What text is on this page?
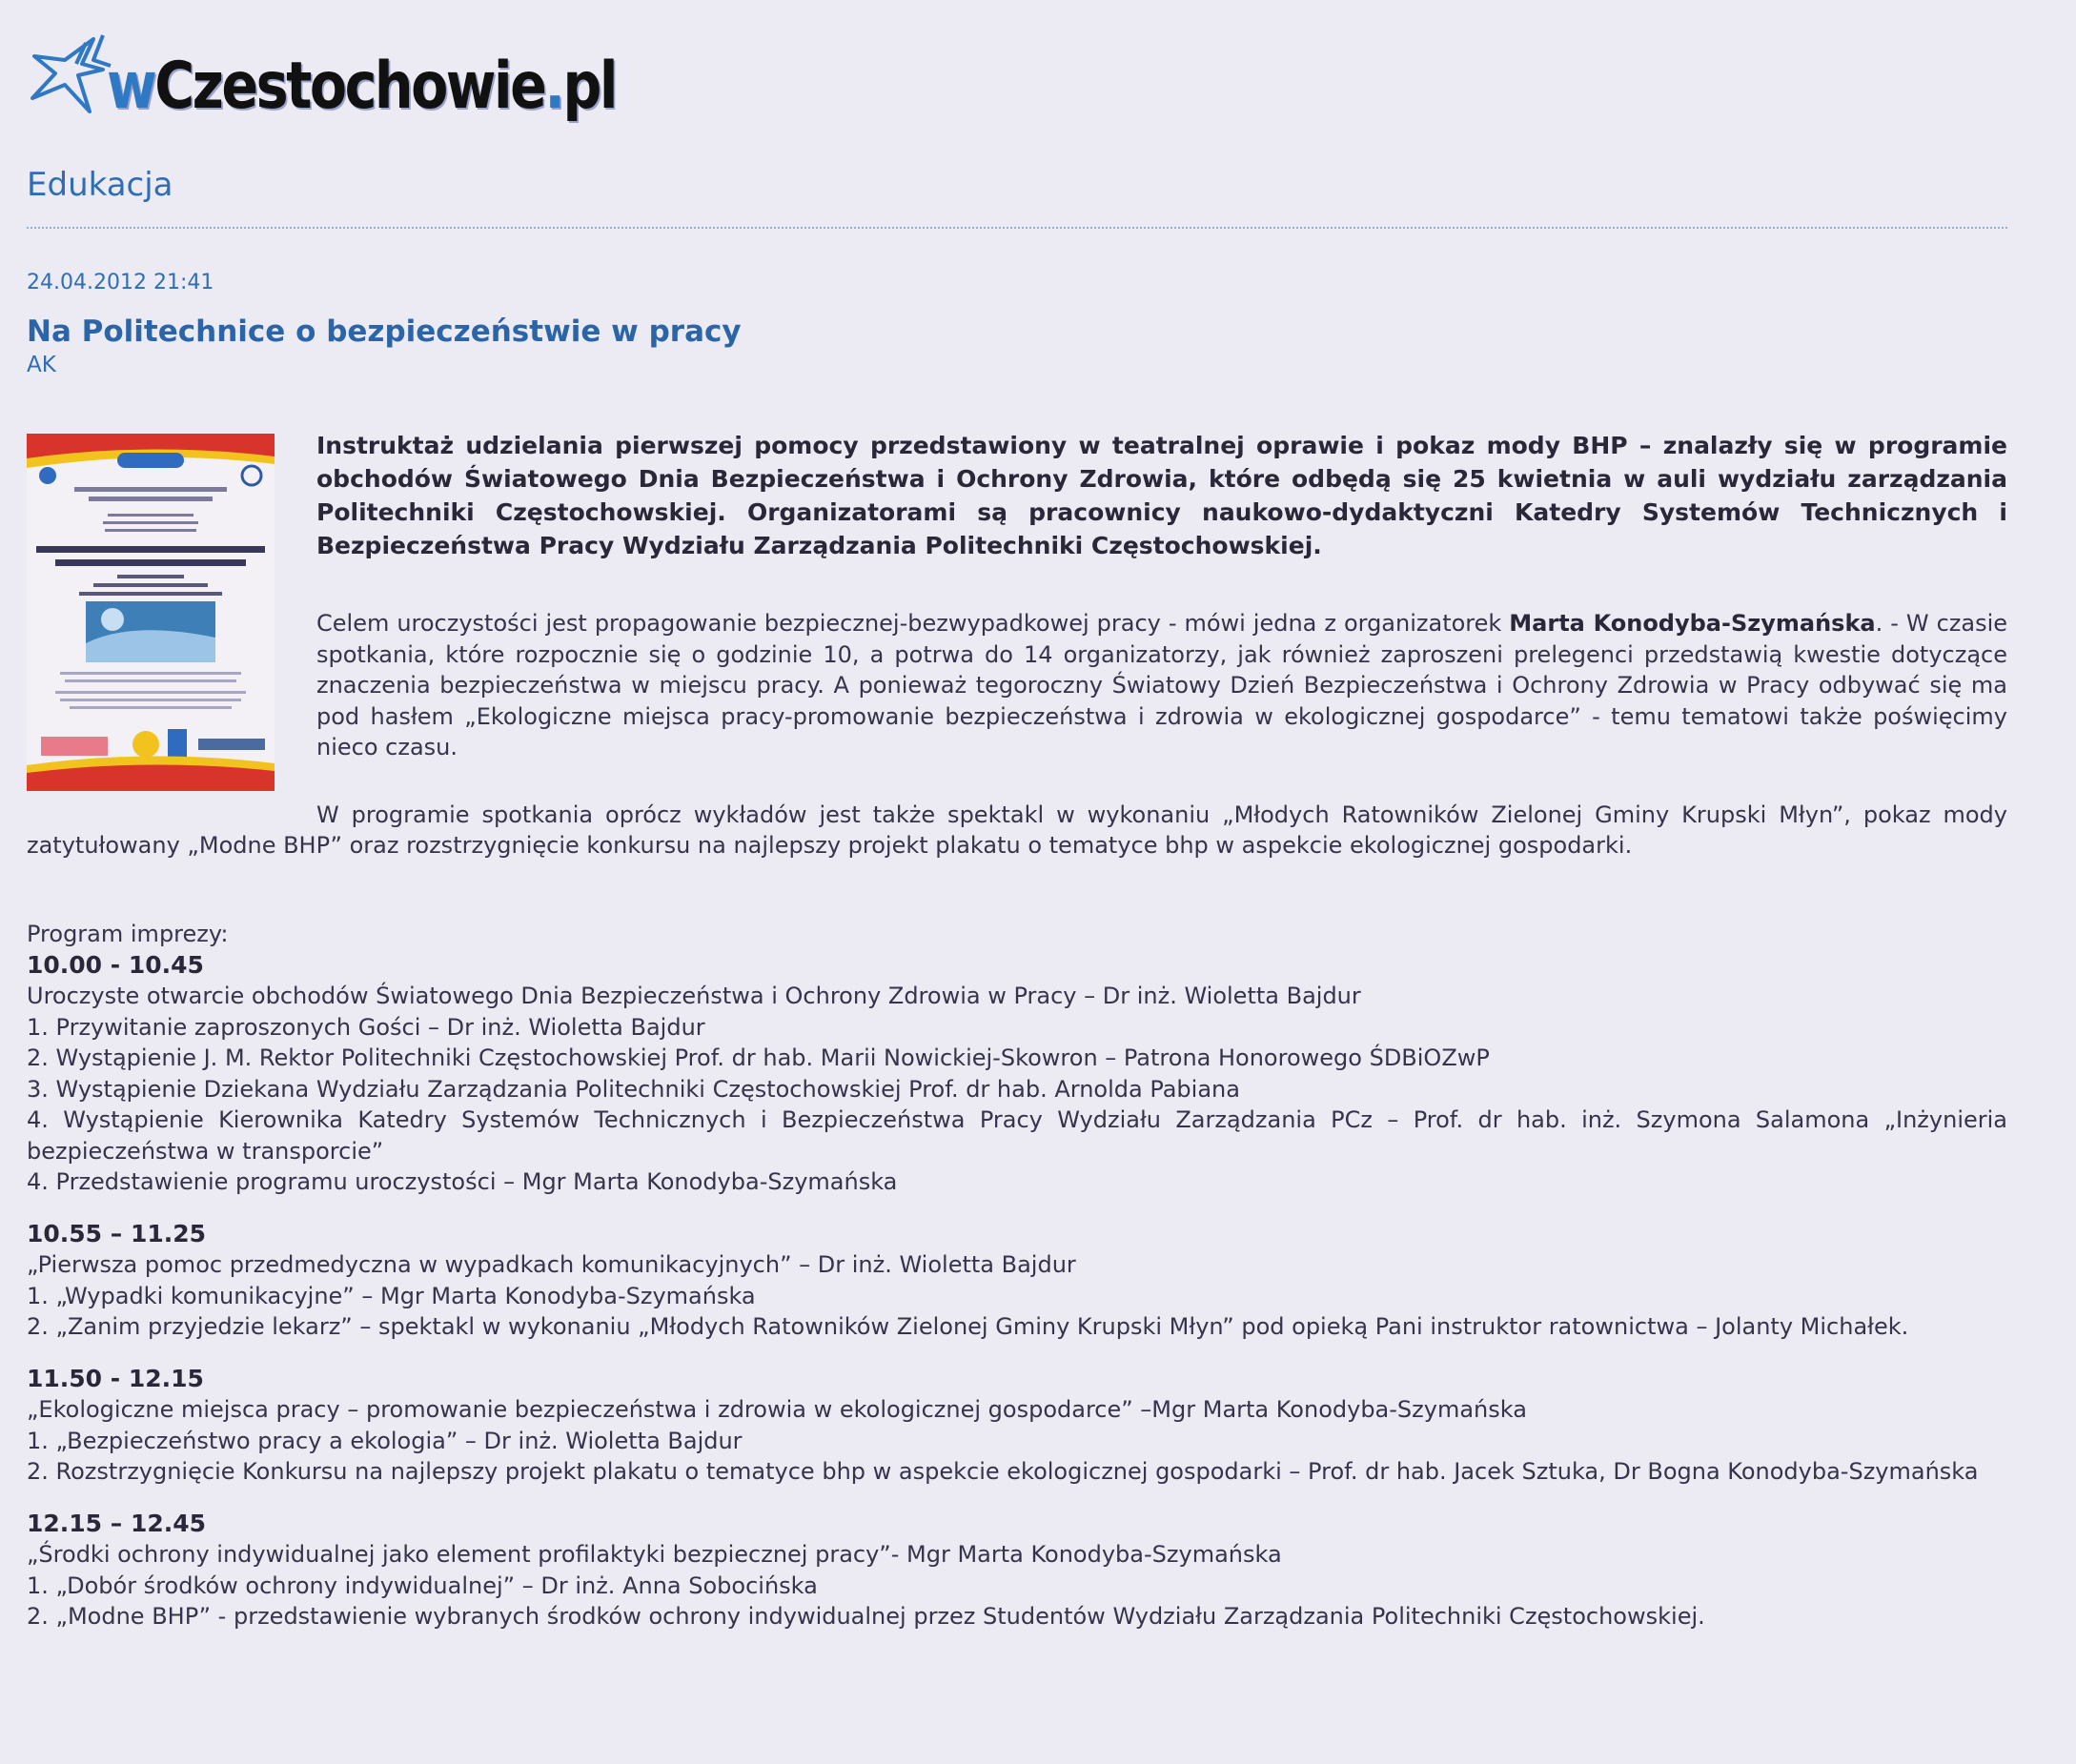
wCzestochowie.pl
Edukacja
24.04.2012 21:41
Na Politechnice o bezpieczeństwie w pracy
AK
Instruktaż udzielania pierwszej pomocy przedstawiony w teatralnej oprawie i pokaz mody BHP – znalazły się w programie obchodów Światowego Dnia Bezpieczeństwa i Ochrony Zdrowia, które odbędą się 25 kwietnia w auli wydziału zarządzania Politechniki Częstochowskiej. Organizatorami są pracownicy naukowo-dydaktyczni Katedry Systemów Technicznych i Bezpieczeństwa Pracy Wydziału Zarządzania Politechniki Częstochowskiej.
Celem uroczystości jest propagowanie bezpiecznej-bezwypadkowej pracy - mówi jedna z organizatorek Marta Konodyba-Szymańska. - W czasie spotkania, które rozpocznie się o godzinie 10, a potrwa do 14 organizatorzy, jak również zaproszeni prelegenci przedstawią kwestie dotyczące znaczenia bezpieczeństwa w miejscu pracy. A ponieważ tegoroczny Światowy Dzień Bezpieczeństwa i Ochrony Zdrowia w Pracy odbywać się ma pod hasłem „Ekologiczne miejsca pracy-promowanie bezpieczeństwa i zdrowia w ekologicznej gospodarce” - temu tematowi także poświęcimy nieco czasu.
W programie spotkania oprócz wykładów jest także spektakl w wykonaniu „Młodych Ratowników Zielonej Gminy Krupski Młyn”, pokaz mody zatytułowany „Modne BHP” oraz rozstrzygnięcie konkursu na najlepszy projekt plakatu o tematyce bhp w aspekcie ekologicznej gospodarki.
Program imprezy:
10.00 - 10.45
Uroczyste otwarcie obchodów Światowego Dnia Bezpieczeństwa i Ochrony Zdrowia w Pracy – Dr inż. Wioletta Bajdur
1. Przywitanie zaproszonych Gości – Dr inż. Wioletta Bajdur
2. Wystąpienie J. M. Rektor Politechniki Częstochowskiej Prof. dr hab. Marii Nowickiej-Skowron – Patrona Honorowego ŚDBiOZwP
3. Wystąpienie Dziekana Wydziału Zarządzania Politechniki Częstochowskiej Prof. dr hab. Arnolda Pabiana
4. Wystąpienie Kierownika Katedry Systemów Technicznych i Bezpieczeństwa Pracy Wydziału Zarządzania PCz – Prof. dr hab. inż. Szymona Salamona „Inżynieria bezpieczeństwa w transporcie”
4. Przedstawienie programu uroczystości – Mgr Marta Konodyba-Szymańska
10.55 – 11.25
„Pierwsza pomoc przedmedyczna w wypadkach komunikacyjnych” – Dr inż. Wioletta Bajdur
1. „Wypadki komunikacyjne” – Mgr Marta Konodyba-Szymańska
2. „Zanim przyjedzie lekarz” – spektakl w wykonaniu „Młodych Ratowników Zielonej Gminy Krupski Młyn” pod opieką Pani instruktor ratownictwa – Jolanty Michałek.
11.50 - 12.15
„Ekologiczne miejsca pracy – promowanie bezpieczeństwa i zdrowia w ekologicznej gospodarce” –Mgr Marta Konodyba-Szymańska
1. „Bezpieczeństwo pracy a ekologia” – Dr inż. Wioletta Bajdur
2. Rozstrzygnięcie Konkursu na najlepszy projekt plakatu o tematyce bhp w aspekcie ekologicznej gospodarki – Prof. dr hab. Jacek Sztuka, Dr Bogna Konodyba-Szymańska
12.15 – 12.45
„Środki ochrony indywidualnej jako element profilaktyki bezpiecznej pracy”- Mgr Marta Konodyba-Szymańska
1. „Dobór środków ochrony indywidualnej” – Dr inż. Anna Sobocińska
2. „Modne BHP” - przedstawienie wybranych środków ochrony indywidualnej przez Studentów Wydziału Zarządzania Politechniki Częstochowskiej.
